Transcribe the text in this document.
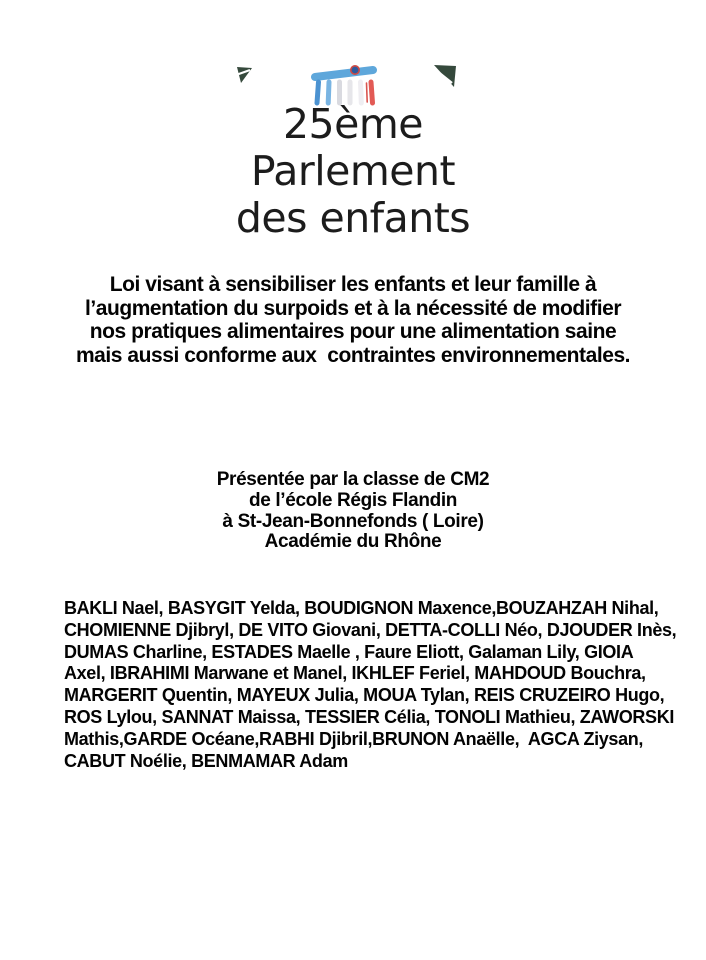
25ème
Parlement
des enfants
Loi visant à sensibiliser les enfants et leur famille à
l’augmentation du surpoids et à la nécessité de modifier
nos pratiques alimentaires pour une alimentation saine
mais aussi conforme aux  contraintes environnementales.
Présentée par la classe de CM2
de l’école Régis Flandin
à St-Jean-Bonnefonds ( Loire)
Académie du Rhône
BAKLI Nael, BASYGIT Yelda, BOUDIGNON Maxence,BOUZAHZAH Nihal,
CHOMIENNE Djibryl, DE VITO Giovani, DETTA-COLLI Néo, DJOUDER Inès,
DUMAS Charline, ESTADES Maelle , Faure Eliott, Galaman Lily, GIOIA
Axel, IBRAHIMI Marwane et Manel, IKHLEF Feriel, MAHDOUD Bouchra,
MARGERIT Quentin, MAYEUX Julia, MOUA Tylan, REIS CRUZEIRO Hugo,
ROS Lylou, SANNAT Maissa, TESSIER Célia, TONOLI Mathieu, ZAWORSKI
Mathis,GARDE Océane,RABHI Djibril,BRUNON Anaëlle,  AGCA Ziysan,
CABUT Noélie, BENMAMAR Adam
